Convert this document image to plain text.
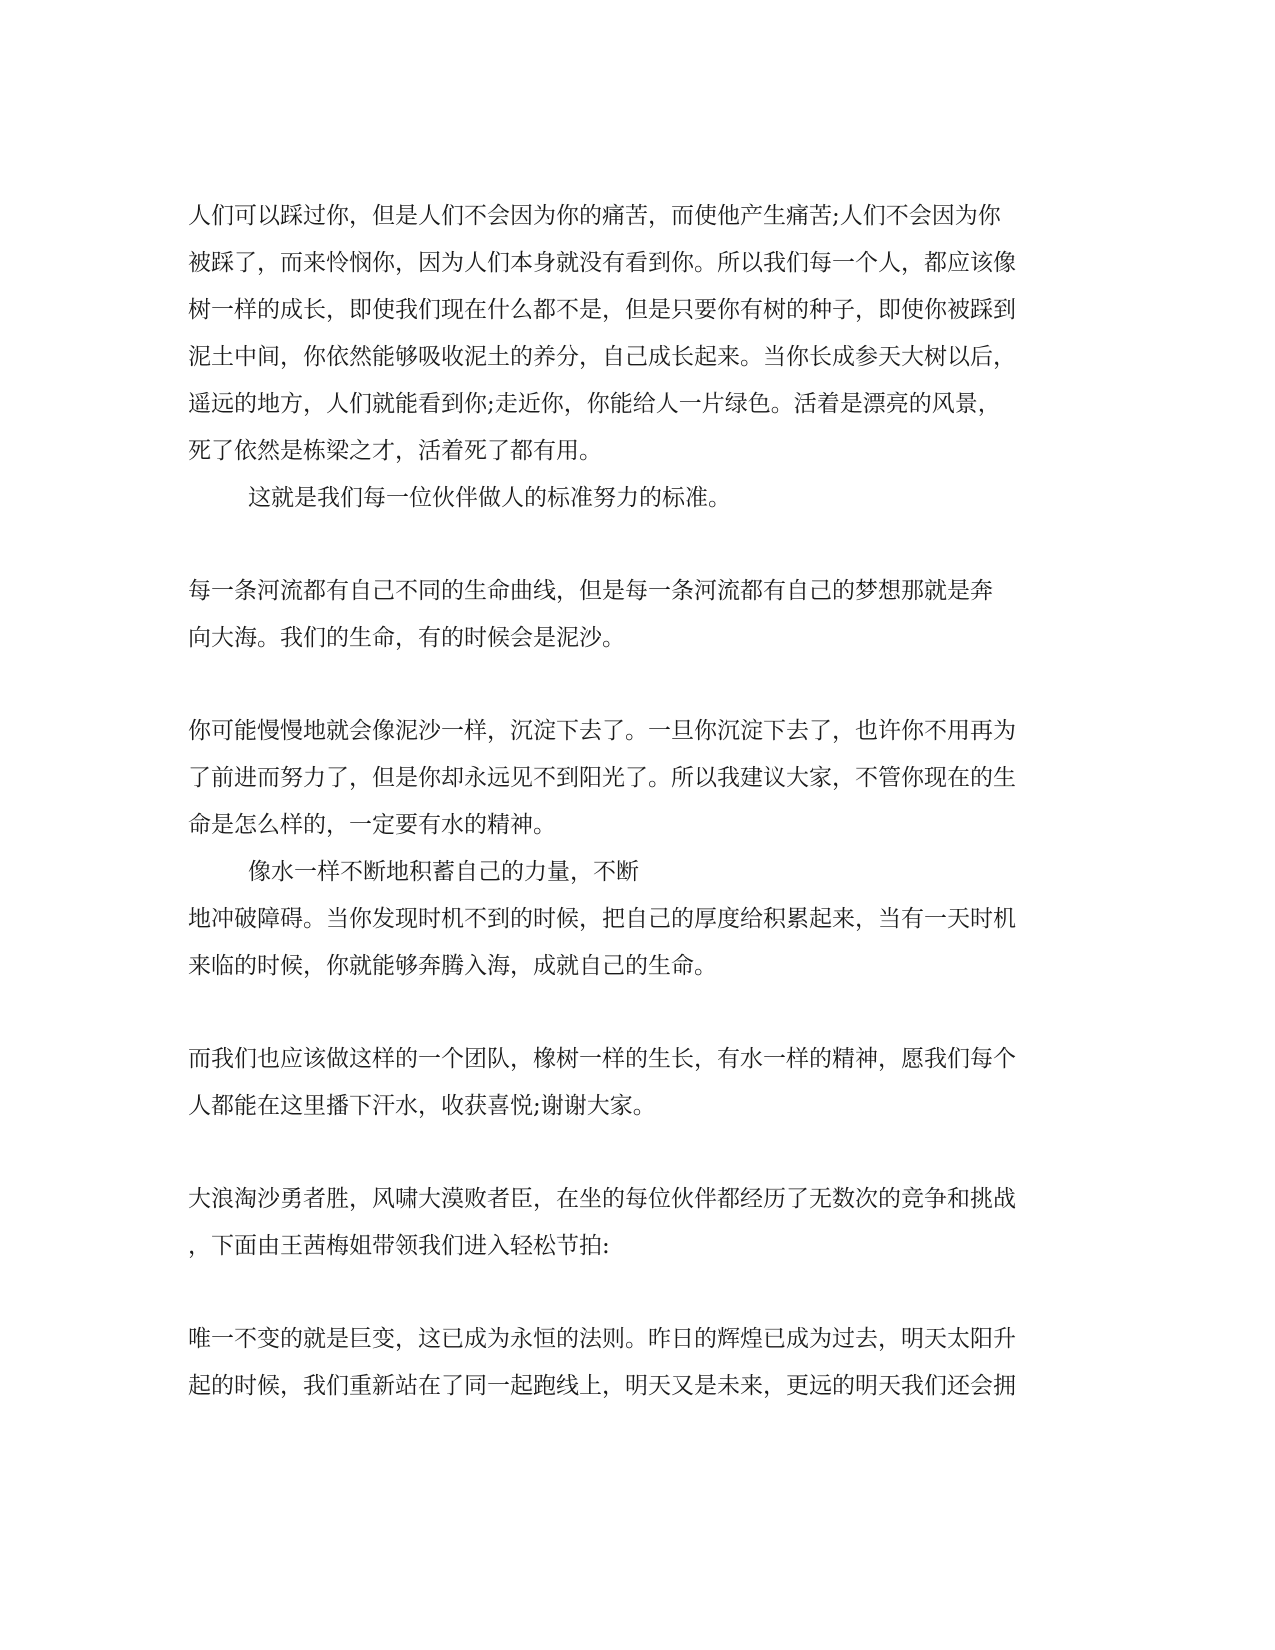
人们可以踩过你，但是人们不会因为你的痛苦，而使他产生痛苦;人们不会因为你
被踩了，而来怜悯你，因为人们本身就没有看到你。所以我们每一个人，都应该像
树一样的成长，即使我们现在什么都不是，但是只要你有树的种子，即使你被踩到
泥土中间，你依然能够吸收泥土的养分，自己成长起来。当你长成参天大树以后，
遥远的地方，人们就能看到你;走近你，你能给人一片绿色。活着是漂亮的风景，
死了依然是栋梁之才，活着死了都有用。
这就是我们每一位伙伴做人的标准努力的标准。
每一条河流都有自己不同的生命曲线，但是每一条河流都有自己的梦想那就是奔
向大海。我们的生命，有的时候会是泥沙。
你可能慢慢地就会像泥沙一样，沉淀下去了。一旦你沉淀下去了，也许你不用再为
了前进而努力了，但是你却永远见不到阳光了。所以我建议大家，不管你现在的生
命是怎么样的，一定要有水的精神。
像水一样不断地积蓄自己的力量，不断
地冲破障碍。当你发现时机不到的时候，把自己的厚度给积累起来，当有一天时机
来临的时候，你就能够奔腾入海，成就自己的生命。
而我们也应该做这样的一个团队，橡树一样的生长，有水一样的精神，愿我们每个
人都能在这里播下汗水，收获喜悦;谢谢大家。
大浪淘沙勇者胜，风啸大漠败者臣，在坐的每位伙伴都经历了无数次的竞争和挑战
，下面由王茜梅姐带领我们进入轻松节拍:
唯一不变的就是巨变，这已成为永恒的法则。昨日的辉煌已成为过去，明天太阳升
起的时候，我们重新站在了同一起跑线上，明天又是未来，更远的明天我们还会拥
